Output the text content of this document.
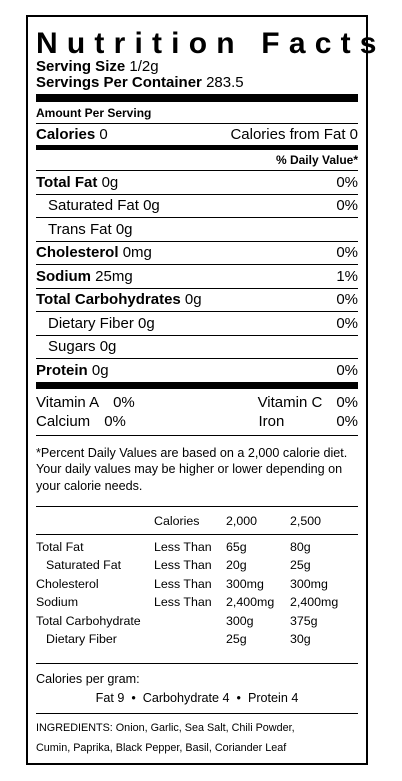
Nutrition Facts
Serving Size 1/2g
Servings Per Container 283.5
Amount Per Serving
Calories 0	Calories from Fat 0
% Daily Value*
Total Fat 0g	0%
Saturated Fat 0g	0%
Trans Fat 0g
Cholesterol 0mg	0%
Sodium 25mg	1%
Total Carbohydrates 0g	0%
Dietary Fiber 0g	0%
Sugars 0g
Protein 0g	0%
Vitamin A 0%	Vitamin C 0%
Calcium 0%	Iron	0%
*Percent Daily Values are based on a 2,000 calorie diet. Your daily values may be higher or lower depending on your calorie needs.
	Calories	2,000	2,500
Total Fat	Less Than	65g	80g
Saturated Fat	Less Than	20g	25g
Cholesterol	Less Than	300mg	300mg
Sodium	Less Than	2,400mg	2,400mg
Total Carbohydrate		300g	375g
Dietary Fiber		25g	30g
Calories per gram:
Fat 9  •  Carbohydrate 4  •  Protein 4
INGREDIENTS: Onion, Garlic, Sea Salt, Chili Powder,
Cumin, Paprika, Black Pepper, Basil, Coriander Leaf
